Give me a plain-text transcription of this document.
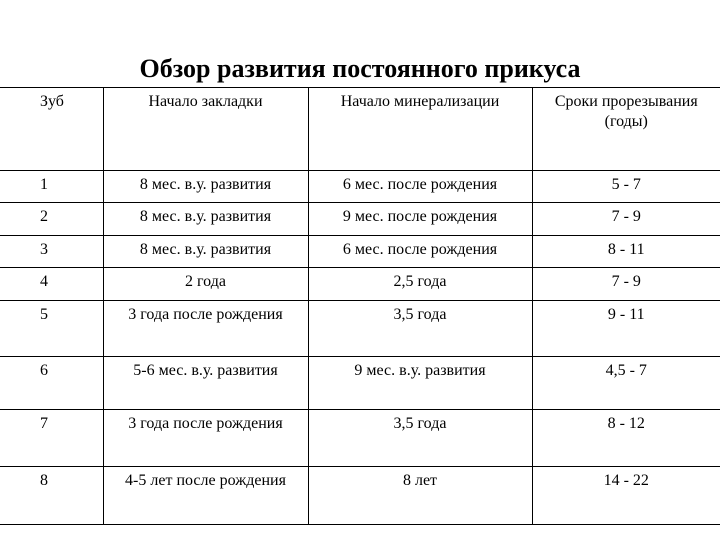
Обзор развития постоянного прикуса
Зуб	Начало закладки	Начало минерализации	Сроки прорезывания (годы)
1	8 мес. в.у. развития	6 мес. после рождения	5 - 7
2	8 мес. в.у. развития	9 мес. после рождения	7 - 9
3	8 мес. в.у. развития	6 мес. после рождения	8 - 11
4	2 года	2,5 года	7 - 9
5	3 года после рождения	3,5 года	9 - 11
6	5-6 мес. в.у. развития	9 мес. в.у. развития	4,5 - 7
7	3 года после рождения	3,5 года	8 - 12
8	4-5 лет после рождения	8 лет	14 - 22
